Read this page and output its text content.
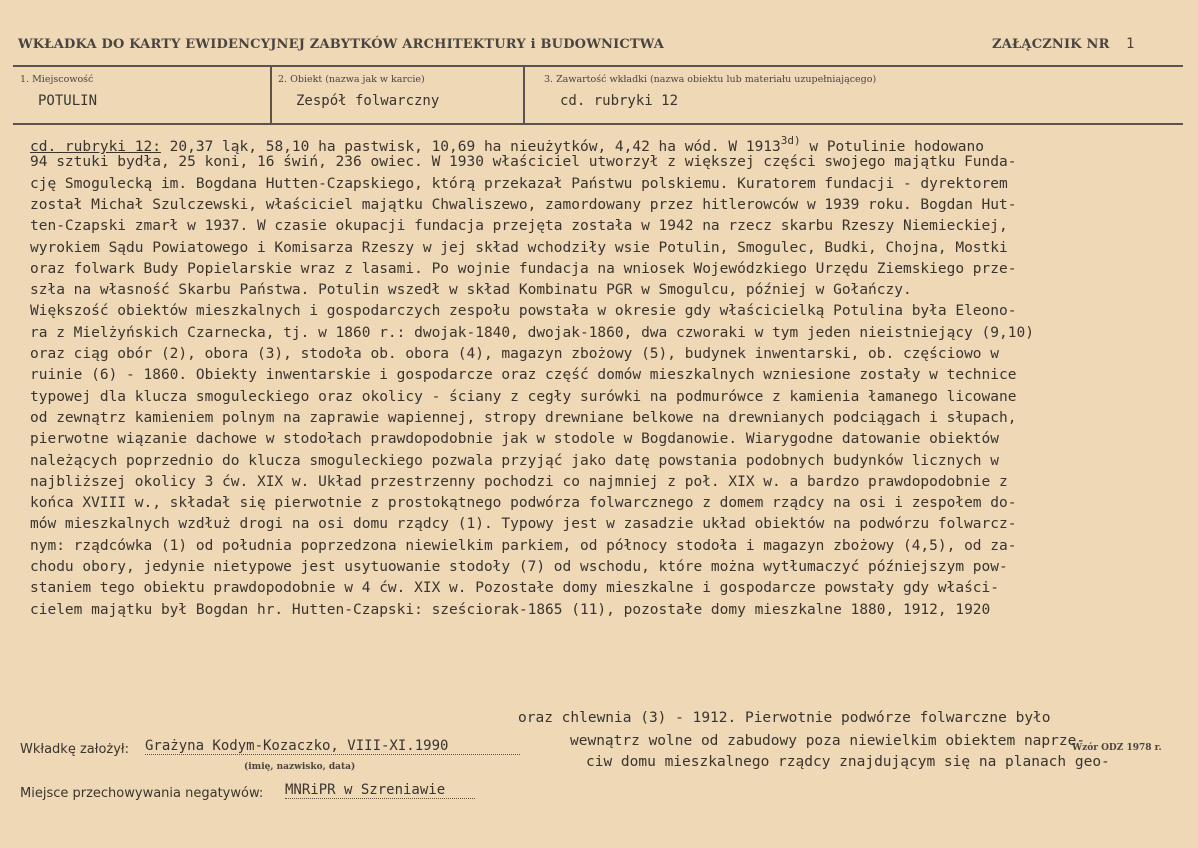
WKŁADKA DO KARTY EWIDENCYJNEJ ZABYTKÓW ARCHITEKTURY i BUDOWNICTWA	ZAŁĄCZNIK NR 1
1. Miejscowość
POTULIN
2. Obiekt (nazwa jak w karcie)
Zespół folwarczny
3. Zawartość wkładki (nazwa obiektu lub materiału uzupełniającego)
cd. rubryki 12
cd. rubryki 12: 20,37 ląk, 58,10 ha pastwisk, 10,69 ha nieużytków, 4,42 ha wód. W $1913^{3d)}$ w Potulinie hodowano
94 sztuki bydła, 25 koni, 16 świń, 236 owiec. W 1930 właściciel utworzył z większej części swojego majątku Funda-
cję Smogulecką im. Bogdana Hutten-Czapskiego, którą przekazał Państwu polskiemu. Kuratorem fundacji - dyrektorem
został Michał Szulczewski, właściciel majątku Chwaliszewo, zamordowany przez hitlerowców w 1939 roku. Bogdan Hut-
ten-Czapski zmarł w 1937. W czasie okupacji fundacja przejęta została w 1942 na rzecz skarbu Rzeszy Niemieckiej,
wyrokiem Sądu Powiatowego i Komisarza Rzeszy w jej skład wchodziły wsie Potulin, Smogulec, Budki, Chojna, Mostki
oraz folwark Budy Popielarskie wraz z lasami. Po wojnie fundacja na wniosek Wojewódzkiego Urzędu Ziemskiego prze-
szła na własność Skarbu Państwa. Potulin wszedł w skład Kombinatu PGR w Smogulcu, później w Gołańczy.
Większość obiektów mieszkalnych i gospodarczych zespołu powstała w okresie gdy właścicielką Potulina była Eleono-
ra z Mielżyńskich Czarnecka, tj. w 1860 r.: dwojak-1840, dwojak-1860, dwa czworaki w tym jeden nieistniejący (9,10)
oraz ciąg obór (2), obora (3), stodoła ob. obora (4), magazyn zbożowy (5), budynek inwentarski, ob. częściowo w
ruinie (6) - 1860. Obiekty inwentarskie i gospodarcze oraz część domów mieszkalnych wzniesione zostały w technice
typowej dla klucza smoguleckiego oraz okolicy - ściany z cegły surówki na podmurówce z kamienia łamanego licowane
od zewnątrz kamieniem polnym na zaprawie wapiennej, stropy drewniane belkowe na drewnianych podciągach i słupach,
pierwotne wiązanie dachowe w stodołach prawdopodobnie jak w stodole w Bogdanowie. Wiarygodne datowanie obiektów
należących poprzednio do klucza smoguleckiego pozwala przyjąć jako datę powstania podobnych budynków licznych w
najbliższej okolicy 3 ćw. XIX w. Układ przestrzenny pochodzi co najmniej z poł. XIX w. a bardzo prawdopodobnie z
końca XVIII w., składał się pierwotnie z prostokątnego podwórza folwarcznego z domem rządcy na osi i zespołem do-
mów mieszkalnych wzdłuż drogi na osi domu rządcy (1). Typowy jest w zasadzie układ obiektów na podwórzu folwarcz-
nym: rządcówka (1) od południa poprzedzona niewielkim parkiem, od północy stodoła i magazyn zbożowy (4,5), od za-
chodu obory, jedynie nietypowe jest usytuowanie stodoły (7) od wschodu, które można wytłumaczyć późniejszym pow-
staniem tego obiektu prawdopodobnie w 4 ćw. XIX w. Pozostałe domy mieszkalne i gospodarcze powstały gdy właści-
cielem majątku był Bogdan hr. Hutten-Czapski: sześciorak-1865 (11), pozostałe domy mieszkalne 1880, 1912, 1920
oraz chlewnia (3) - 1912. Pierwotnie podwórze folwarczne było
wewnątrz wolne od zabudowy poza niewielkim obiektem naprze-
ciw domu mieszkalnego rządcy znajdującym się na planach geo-
Wkładkę założył: Grażyna Kodym-Kozaczko, VIII-XI.1990
(imię, nazwisko, data)
Miejsce przechowywania negatywów: MNRiPR w Szreniawie
Wzór ODZ 1978 r.
